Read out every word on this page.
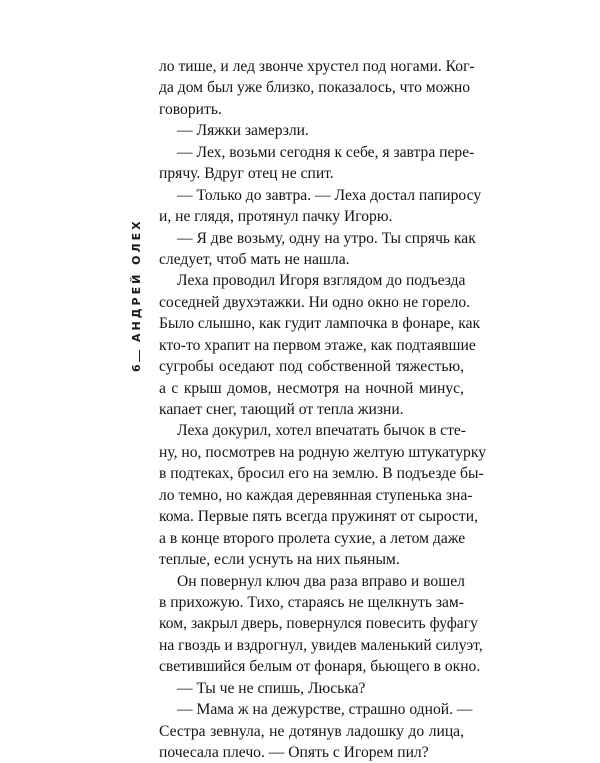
АНДРЕЙ ОЛЕХ
6
ло тише, и лед звонче хрустел под ногами. Ког-
да дом был уже близко, показалось, что можно
говорить.
— Ляжки замерзли.
— Лех, возьми сегодня к себе, я завтра пере-
прячу. Вдруг отец не спит.
— Только до завтра. — Леха достал папиросу
и, не глядя, протянул пачку Игорю.
— Я две возьму, одну на утро. Ты спрячь как
следует, чтоб мать не нашла.
Леха проводил Игоря взглядом до подъезда
соседней двухэтажки. Ни одно окно не горело.
Было слышно, как гудит лампочка в фонаре, как
кто-то храпит на первом этаже, как подтаявшие
сугробы оседают под собственной тяжестью,
а с крыш домов, несмотря на ночной минус,
капает снег, тающий от тепла жизни.
Леха докурил, хотел впечатать бычок в сте-
ну, но, посмотрев на родную желтую штукатурку
в подтеках, бросил его на землю. В подъезде бы-
ло темно, но каждая деревянная ступенька зна-
кома. Первые пять всегда пружинят от сырости,
а в конце второго пролета сухие, а летом даже
теплые, если уснуть на них пьяным.
Он повернул ключ два раза вправо и вошел
в прихожую. Тихо, стараясь не щелкнуть зам-
ком, закрыл дверь, повернулся повесить фуфагу
на гвоздь и вздрогнул, увидев маленький силуэт,
светившийся белым от фонаря, бьющего в окно.
— Ты че не спишь, Люська?
— Мама ж на дежурстве, страшно одной. —
Сестра зевнула, не дотянув ладошку до лица,
почесала плечо. — Опять с Игорем пил?
